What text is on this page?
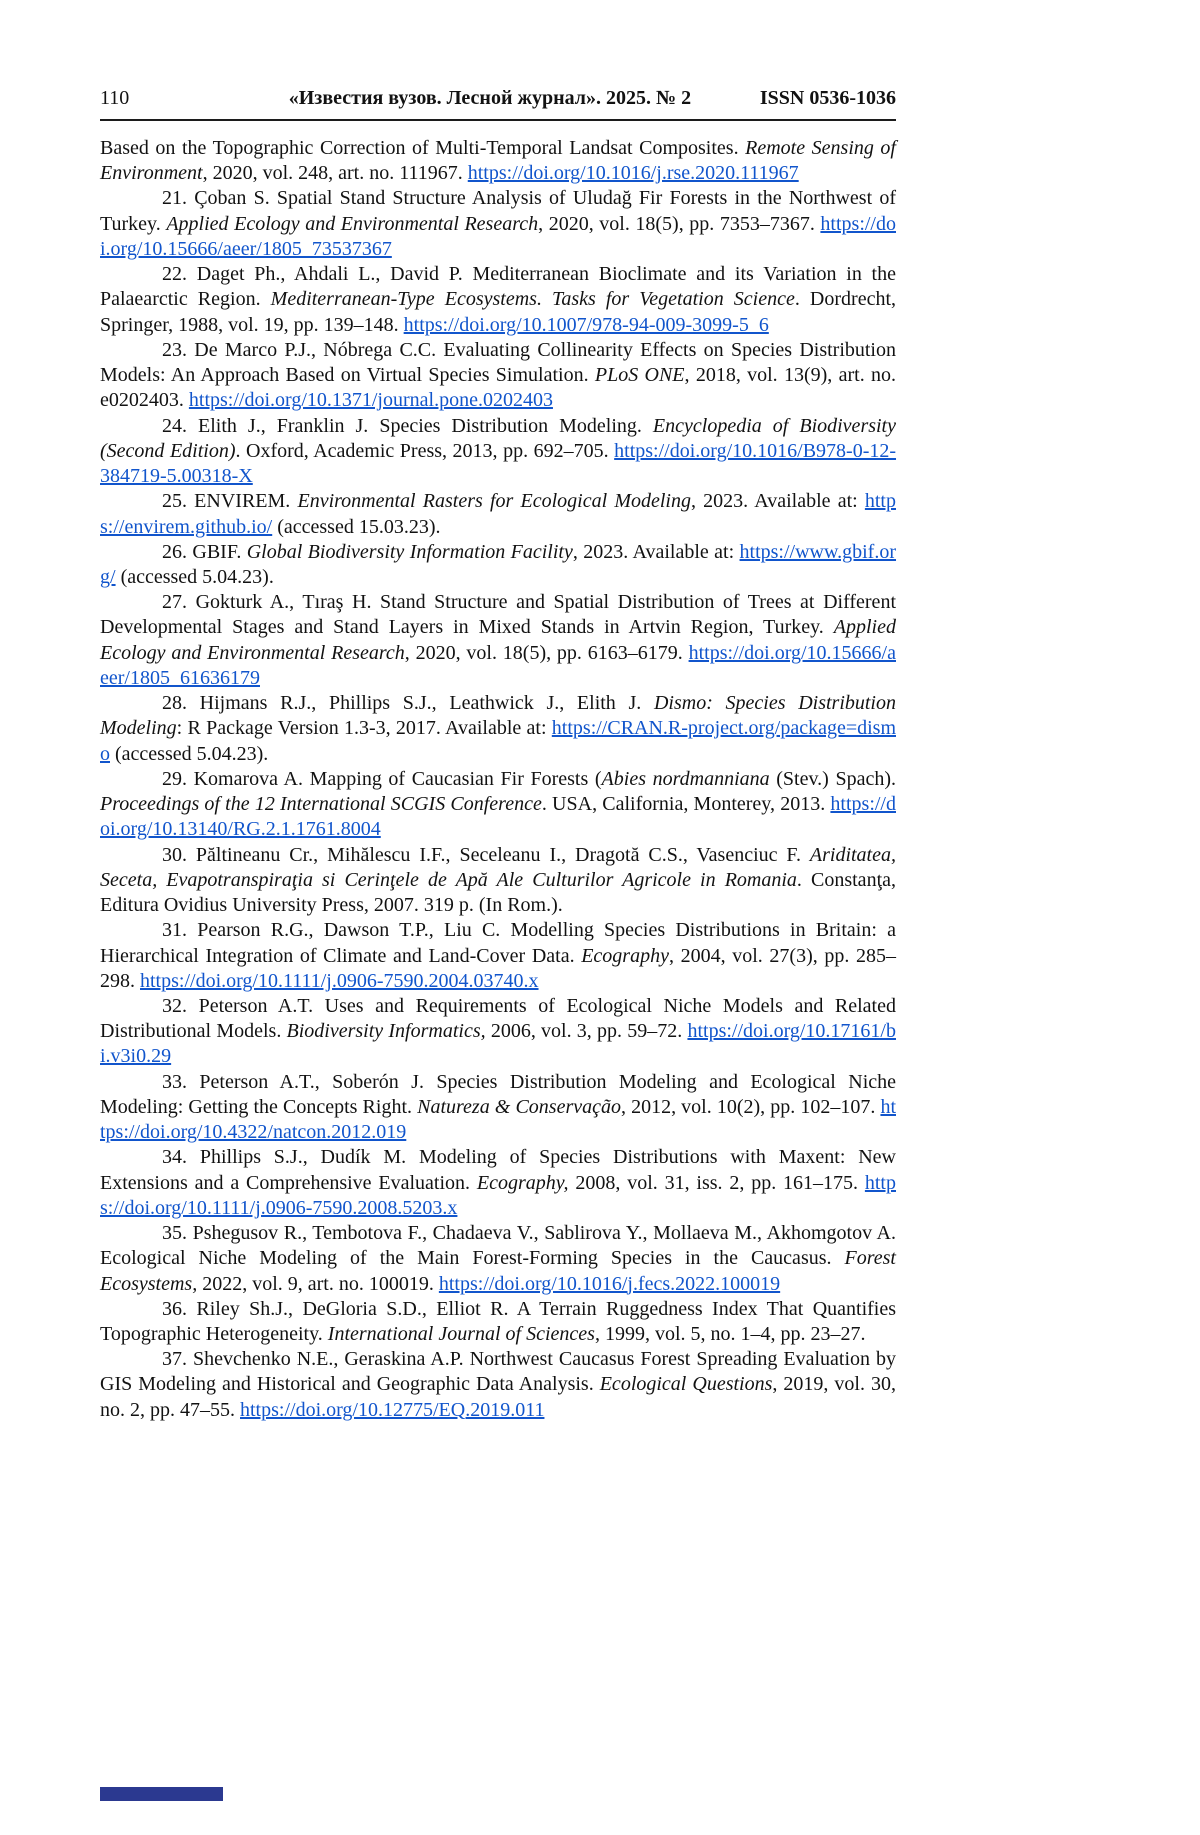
110	«Известия вузов. Лесной журнал». 2025. № 2	ISSN 0536-1036

Based on the Topographic Correction of Multi-Temporal Landsat Composites. Remote Sensing of Environment, 2020, vol. 248, art. no. 111967. https://doi.org/10.1016/j.rse.2020.111967

21. Çoban S. Spatial Stand Structure Analysis of Uludağ Fir Forests in the Northwest of Turkey. Applied Ecology and Environmental Research, 2020, vol. 18(5), pp. 7353–7367. https://doi.org/10.15666/aeer/1805_73537367

22. Daget Ph., Ahdali L., David P. Mediterranean Bioclimate and its Variation in the Palaearctic Region. Mediterranean-Type Ecosystems. Tasks for Vegetation Science. Dordrecht, Springer, 1988, vol. 19, pp. 139–148. https://doi.org/10.1007/978-94-009-3099-5_6

23. De Marco P.J., Nóbrega C.C. Evaluating Collinearity Effects on Species Distribution Models: An Approach Based on Virtual Species Simulation. PLoS ONE, 2018, vol. 13(9), art. no. e0202403. https://doi.org/10.1371/journal.pone.0202403

24. Elith J., Franklin J. Species Distribution Modeling. Encyclopedia of Biodiversity (Second Edition). Oxford, Academic Press, 2013, pp. 692–705. https://doi.org/10.1016/B978-0-12-384719-5.00318-X

25. ENVIREM. Environmental Rasters for Ecological Modeling, 2023. Available at: https://envirem.github.io/ (accessed 15.03.23).

26. GBIF. Global Biodiversity Information Facility, 2023. Available at: https://www.gbif.org/ (accessed 5.04.23).

27. Gokturk A., Tıraş H. Stand Structure and Spatial Distribution of Trees at Different Developmental Stages and Stand Layers in Mixed Stands in Artvin Region, Turkey. Applied Ecology and Environmental Research, 2020, vol. 18(5), pp. 6163–6179. https://doi.org/10.15666/aeer/1805_61636179

28. Hijmans R.J., Phillips S.J., Leathwick J., Elith J. Dismo: Species Distribution Modeling: R Package Version 1.3-3, 2017. Available at: https://CRAN.R-project.org/package=dismo (accessed 5.04.23).

29. Komarova A. Mapping of Caucasian Fir Forests (Abies nordmanniana (Stev.) Spach). Proceedings of the 12 International SCGIS Conference. USA, California, Monterey, 2013. https://doi.org/10.13140/RG.2.1.1761.8004

30. Păltineanu Cr., Mihălescu I.F., Seceleanu I., Dragotă C.S., Vasenciuc F. Ariditatea, Seceta, Evapotranspiraţia si Cerinţele de Apă Ale Culturilor Agricole in Romania. Constanţa, Editura Ovidius University Press, 2007. 319 p. (In Rom.).

31. Pearson R.G., Dawson T.P., Liu C. Modelling Species Distributions in Britain: a Hierarchical Integration of Climate and Land-Cover Data. Ecography, 2004, vol. 27(3), pp. 285–298. https://doi.org/10.1111/j.0906-7590.2004.03740.x

32. Peterson A.T. Uses and Requirements of Ecological Niche Models and Related Distributional Models. Biodiversity Informatics, 2006, vol. 3, pp. 59–72. https://doi.org/10.17161/bi.v3i0.29

33. Peterson A.T., Soberón J. Species Distribution Modeling and Ecological Niche Modeling: Getting the Concepts Right. Natureza & Conservação, 2012, vol. 10(2), pp. 102–107. https://doi.org/10.4322/natcon.2012.019

34. Phillips S.J., Dudík M. Modeling of Species Distributions with Maxent: New Extensions and a Comprehensive Evaluation. Ecography, 2008, vol. 31, iss. 2, pp. 161–175. https://doi.org/10.1111/j.0906-7590.2008.5203.x

35. Pshegusov R., Tembotova F., Chadaeva V., Sablirova Y., Mollaeva M., Akhomgotov A. Ecological Niche Modeling of the Main Forest-Forming Species in the Caucasus. Forest Ecosystems, 2022, vol. 9, art. no. 100019. https://doi.org/10.1016/j.fecs.2022.100019

36. Riley Sh.J., DeGloria S.D., Elliot R. A Terrain Ruggedness Index That Quantifies Topographic Heterogeneity. International Journal of Sciences, 1999, vol. 5, no. 1–4, pp. 23–27.

37. Shevchenko N.E., Geraskina A.P. Northwest Caucasus Forest Spreading Evaluation by GIS Modeling and Historical and Geographic Data Analysis. Ecological Questions, 2019, vol. 30, no. 2, pp. 47–55. https://doi.org/10.12775/EQ.2019.011
